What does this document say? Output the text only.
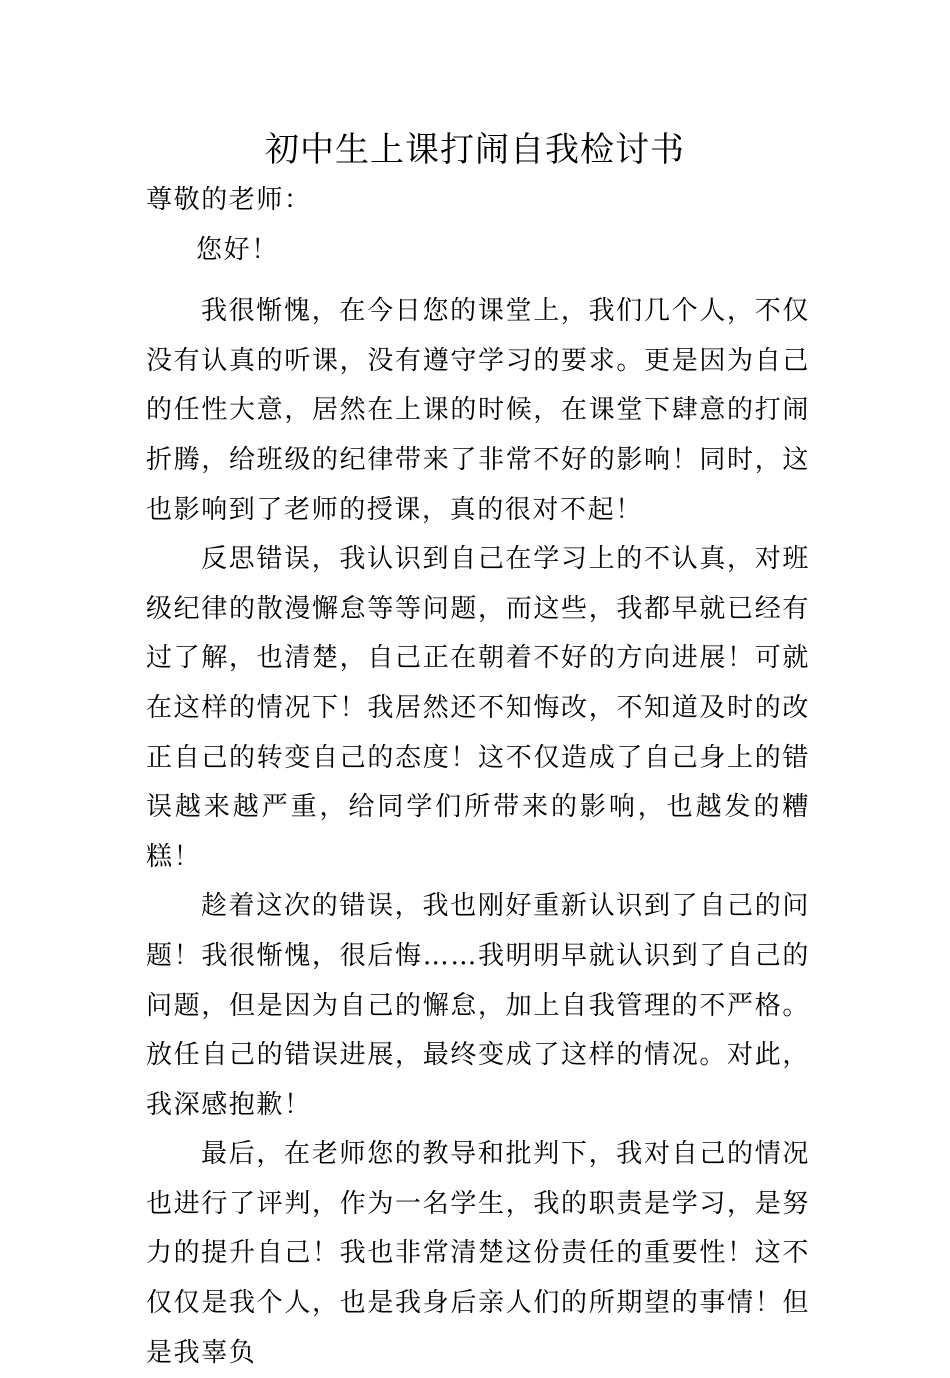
初中生上课打闹自我检讨书

尊敬的老师：

您好！

我很惭愧，在今日您的课堂上，我们几个人，不仅没有认真的听课，没有遵守学习的要求。更是因为自己的任性大意，居然在上课的时候，在课堂下肆意的打闹折腾，给班级的纪律带来了非常不好的影响！同时，这也影响到了老师的授课，真的很对不起！

反思错误，我认识到自己在学习上的不认真，对班级纪律的散漫懈怠等等问题，而这些，我都早就已经有过了解，也清楚，自己正在朝着不好的方向进展！可就在这样的情况下！我居然还不知悔改，不知道及时的改正自己的转变自己的态度！这不仅造成了自己身上的错误越来越严重，给同学们所带来的影响，也越发的糟糕！

趁着这次的错误，我也刚好重新认识到了自己的问题！我很惭愧，很后悔……我明明早就认识到了自己的问题，但是因为自己的懈怠，加上自我管理的不严格。放任自己的错误进展，最终变成了这样的情况。对此，我深感抱歉！

最后，在老师您的教导和批判下，我对自己的情况也进行了评判，作为一名学生，我的职责是学习，是努力的提升自己！我也非常清楚这份责任的重要性！这不仅仅是我个人，也是我身后亲人们的所期望的事情！但是我辜负
